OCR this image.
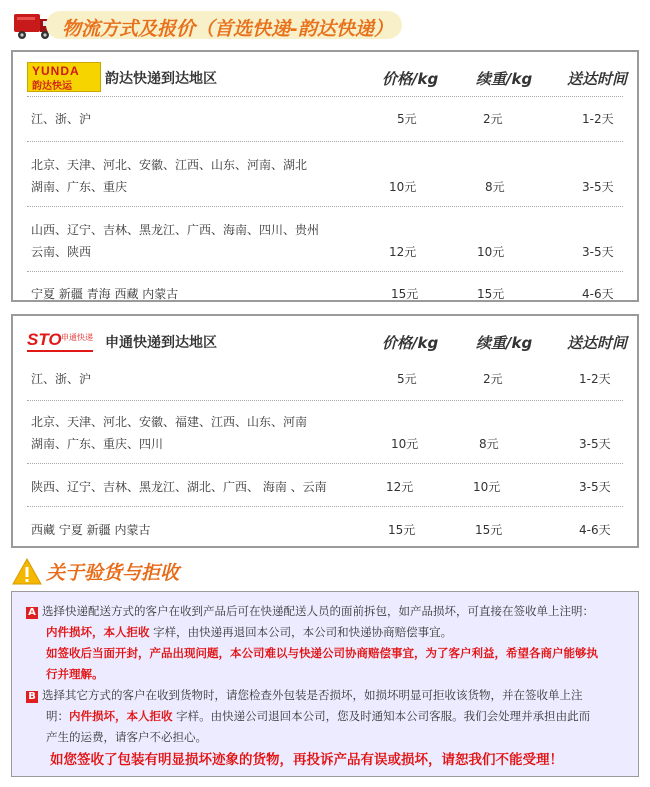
物流方式及报价（首选快递-韵达快递）
YUNDA
韵达快运 韵达快递到达地区	价格/kg	续重/kg 送达时间
江、浙、沪	5元	2元	1-2天
北京、天津、河北、安徽、江西、山东、河南、湖北
湖南、广东、重庆	10元	8元	3-5天
山西、辽宁、吉林、黑龙江、广西、海南、四川、贵州
云南、陕西	12元	10元	3-5天
宁夏 新疆 青海 西藏 内蒙古	15元	15元	4-6天
STO 申通快递 申通快递到达地区	价格/kg	续重/kg 送达时间
江、浙、沪	5元	2元	1-2天
北京、天津、河北、安徽、福建、江西、山东、河南
湖南、广东、重庆、四川	10元	8元	3-5天
陕西、辽宁、吉林、黑龙江、湖北、广西、 海南 、云南	12元	10元	3-5天
西藏 宁夏 新疆 内蒙古	15元	15元	4-6天
关于验货与拒收
A 选择快递配送方式的客户在收到产品后可在快递配送人员的面前拆包，如产品损坏，可直接在签收单上注明：
内件损坏，本人拒收 字样，由快递再退回本公司，本公司和快递协商赔偿事宜。
如签收后当面开封，产品出现问题，本公司难以与快递公司协商赔偿事宜，为了客户利益，希望各商户能够执
行并理解。
B 选择其它方式的客户在收到货物时，请您检查外包装是否损坏，如损坏明显可拒收该货物，并在签收单上注
明：内件损坏，本人拒收 字样。由快递公司退回本公司，您及时通知本公司客服。我们会处理并承担由此而
产生的运费，请客户不必担心。
如您签收了包装有明显损坏迹象的货物，再投诉产品有误或损坏，请恕我们不能受理！
